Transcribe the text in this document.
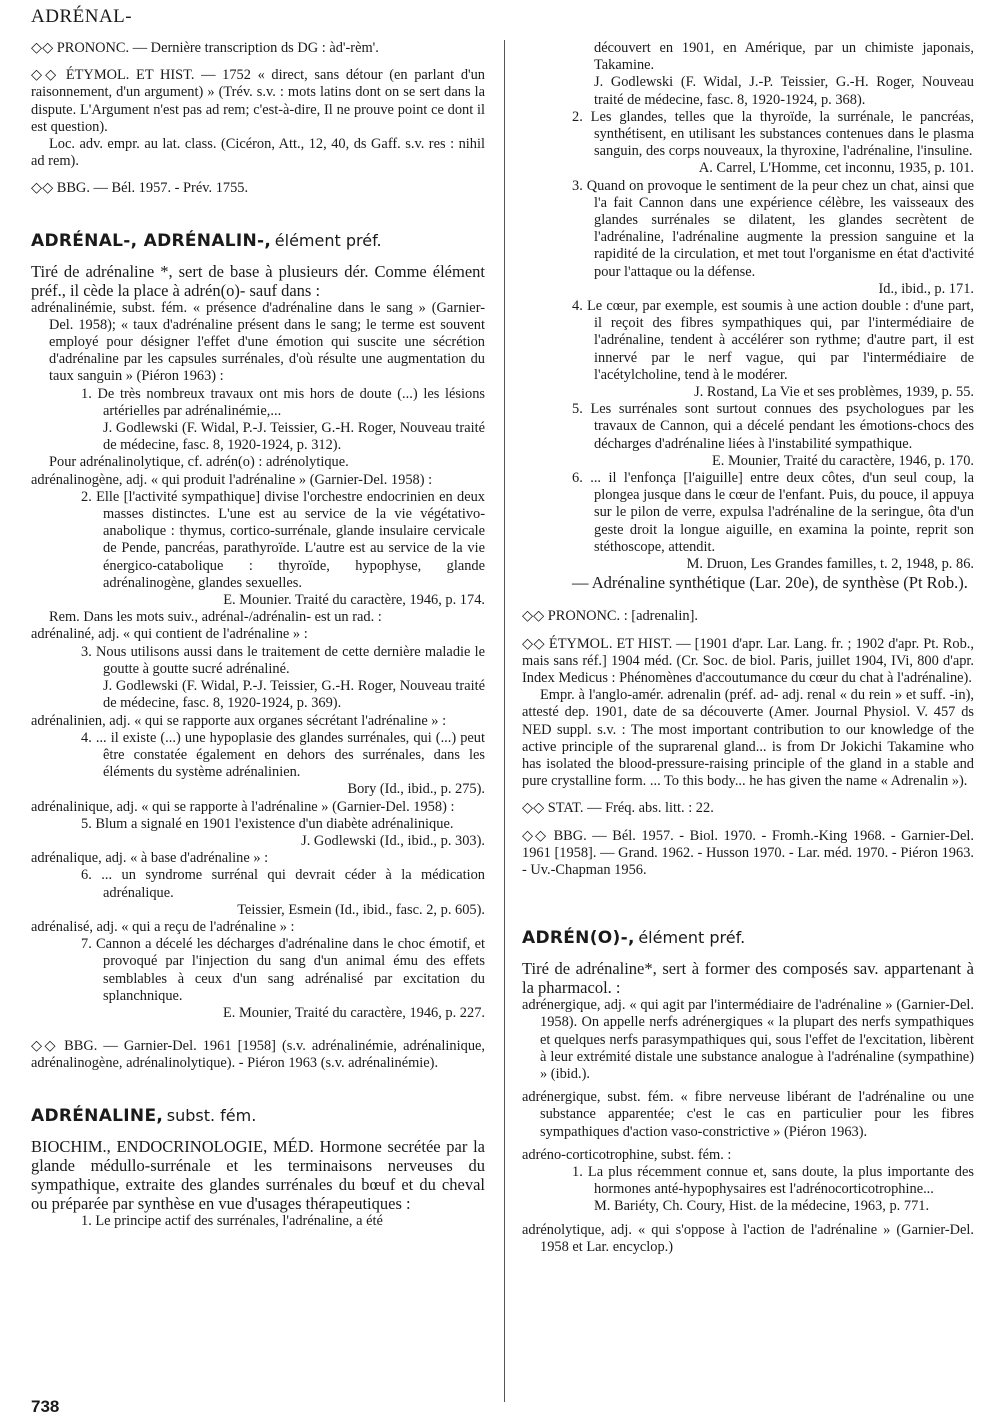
ADRÉNAL-

◇◇ PRONONC. — Dernière transcription ds DG : àd'-rèm'.

◇◇ ÉTYMOL. ET HIST. — 1752 « direct, sans détour (en parlant d'un raisonnement, d'un argument) » (Trév. s.v. : mots latins dont on se sert dans la dispute. L'Argument n'est pas ad rem; c'est-à-dire, Il ne prouve point ce dont il est question).

Loc. adv. empr. au lat. class. (Cicéron, Att., 12, 40, ds Gaff. s.v. res : nihil ad rem).

◇◇ BBG. — Bél. 1957. - Prév. 1755.

ADRÉNAL-, ADRÉNALIN-, élément préf.

Tiré de adrénaline *, sert de base à plusieurs dér. Comme élément préf., il cède la place à adrén(o)- sauf dans :

adrénalinémie, subst. fém. « présence d'adrénaline dans le sang » (Garnier-Del. 1958); « taux d'adrénaline présent dans le sang; le terme est souvent employé pour désigner l'effet d'une émotion qui suscite une sécrétion d'adrénaline par les capsules surrénales, d'où résulte une augmentation du taux sanguin » (Piéron 1963) :

1. De très nombreux travaux ont mis hors de doute (...) les lésions artérielles par adrénalinémie,...

J. Godlewski (F. Widal, P.-J. Teissier, G.-H. Roger, Nouveau traité de médecine, fasc. 8, 1920-1924, p. 312).

Pour adrénalinolytique, cf. adrén(o) : adrénolytique.

adrénalinogène, adj. « qui produit l'adrénaline » (Garnier-Del. 1958) :

2. Elle [l'activité sympathique] divise l'orchestre endocrinien en deux masses distinctes. L'une est au service de la vie végétativo-anabolique : thymus, cortico-surrénale, glande insulaire cervicale de Pende, pancréas, parathyroïde. L'autre est au service de la vie énergico-catabolique : thyroïde, hypophyse, glande adrénalinogène, glandes sexuelles.

E. Mounier. Traité du caractère, 1946, p. 174.

Rem. Dans les mots suiv., adrénal-/adrénalin- est un rad. :

adrénaliné, adj. « qui contient de l'adrénaline » :

3. Nous utilisons aussi dans le traitement de cette dernière maladie le goutte à goutte sucré adrénaliné.

J. Godlewski (F. Widal, P.-J. Teissier, G.-H. Roger, Nouveau traité de médecine, fasc. 8, 1920-1924, p. 369).

adrénalinien, adj. « qui se rapporte aux organes sécrétant l'adrénaline » :

4. ... il existe (...) une hypoplasie des glandes surrénales, qui (...) peut être constatée également en dehors des surrénales, dans les éléments du système adrénalinien.

Bory (Id., ibid., p. 275).

adrénalinique, adj. « qui se rapporte à l'adrénaline » (Garnier-Del. 1958) :

5. Blum a signalé en 1901 l'existence d'un diabète adrénalinique.

J. Godlewski (Id., ibid., p. 303).

adrénalique, adj. « à base d'adrénaline » :

6. ... un syndrome surrénal qui devrait céder à la médication adrénalique.

Teissier, Esmein (Id., ibid., fasc. 2, p. 605).

adrénalisé, adj. « qui a reçu de l'adrénaline » :

7. Cannon a décelé les décharges d'adrénaline dans le choc émotif, et provoqué par l'injection du sang d'un animal ému des effets semblables à ceux d'un sang adrénalisé par excitation du splanchnique.

E. Mounier, Traité du caractère, 1946, p. 227.

◇◇ BBG. — Garnier-Del. 1961 [1958] (s.v. adrénalinémie, adrénalinique, adrénalinogène, adrénalinolytique). - Piéron 1963 (s.v. adrénalinémie).

ADRÉNALINE, subst. fém.

BIOCHIM., ENDOCRINOLOGIE, MÉD. Hormone secrétée par la glande médullo-surrénale et les terminaisons nerveuses du sympathique, extraite des glandes surrénales du bœuf et du cheval ou préparée par synthèse en vue d'usages thérapeutiques :

1. Le principe actif des surrénales, l'adrénaline, a été

découvert en 1901, en Amérique, par un chimiste japonais, Takamine.

J. Godlewski (F. Widal, J.-P. Teissier, G.-H. Roger, Nouveau traité de médecine, fasc. 8, 1920-1924, p. 368).

2. Les glandes, telles que la thyroïde, la surrénale, le pancréas, synthétisent, en utilisant les substances contenues dans le plasma sanguin, des corps nouveaux, la thyroxine, l'adrénaline, l'insuline.

A. Carrel, L'Homme, cet inconnu, 1935, p. 101.

3. Quand on provoque le sentiment de la peur chez un chat, ainsi que l'a fait Cannon dans une expérience célèbre, les vaisseaux des glandes surrénales se dilatent, les glandes secrètent de l'adrénaline, l'adrénaline augmente la pression sanguine et la rapidité de la circulation, et met tout l'organisme en état d'activité pour l'attaque ou la défense.

Id., ibid., p. 171.

4. Le cœur, par exemple, est soumis à une action double : d'une part, il reçoit des fibres sympathiques qui, par l'intermédiaire de l'adrénaline, tendent à accélérer son rythme; d'autre part, il est innervé par le nerf vague, qui par l'intermédiaire de l'acétylcholine, tend à le modérer.

J. Rostand, La Vie et ses problèmes, 1939, p. 55.

5. Les surrénales sont surtout connues des psychologues par les travaux de Cannon, qui a décelé pendant les émotions-chocs des décharges d'adrénaline liées à l'instabilité sympathique.

E. Mounier, Traité du caractère, 1946, p. 170.

6. ... il l'enfonça [l'aiguille] entre deux côtes, d'un seul coup, la plongea jusque dans le cœur de l'enfant. Puis, du pouce, il appuya sur le pilon de verre, expulsa l'adrénaline de la seringue, ôta d'un geste droit la longue aiguille, en examina la pointe, reprit son stéthoscope, attendit.

M. Druon, Les Grandes familles, t. 2, 1948, p. 86.

— Adrénaline synthétique (Lar. 20e), de synthèse (Pt Rob.).

◇◇ PRONONC. : [adrenalin].

◇◇ ÉTYMOL. ET HIST. — [1901 d'apr. Lar. Lang. fr. ; 1902 d'apr. Pt. Rob., mais sans réf.] 1904 méd. (Cr. Soc. de biol. Paris, juillet 1904, IVi, 800 d'apr. Index Medicus : Phénomènes d'accoutumance du cœur du chat à l'adrénaline).

Empr. à l'anglo-amér. adrenalin (préf. ad- adj. renal « du rein » et suff. -in), attesté dep. 1901, date de sa découverte (Amer. Journal Physiol. V. 457 ds NED suppl. s.v. : The most important contribution to our knowledge of the active principle of the suprarenal gland... is from Dr Jokichi Takamine who has isolated the blood-pressure-raising principle of the gland in a stable and pure crystalline form. ... To this body... he has given the name « Adrenalin »).

◇◇ STAT. — Fréq. abs. litt. : 22.

◇◇ BBG. — Bél. 1957. - Biol. 1970. - Fromh.-King 1968. - Garnier-Del. 1961 [1958]. — Grand. 1962. - Husson 1970. - Lar. méd. 1970. - Piéron 1963. - Uv.-Chapman 1956.

ADRÉN(O)-, élément préf.

Tiré de adrénaline*, sert à former des composés sav. appartenant à la pharmacol. :

adrénergique, adj. « qui agit par l'intermédiaire de l'adrénaline » (Garnier-Del. 1958). On appelle nerfs adrénergiques « la plupart des nerfs sympathiques et quelques nerfs parasympathiques qui, sous l'effet de l'excitation, libèrent à leur extrémité distale une substance analogue à l'adrénaline (sympathine) » (ibid.).

adrénergique, subst. fém. « fibre nerveuse libérant de l'adrénaline ou une substance apparentée; c'est le cas en particulier pour les fibres sympathiques d'action vaso-constrictive » (Piéron 1963).

adréno-corticotrophine, subst. fém. :

1. La plus récemment connue et, sans doute, la plus importante des hormones anté-hypophysaires est l'adrénocorticotrophine...

M. Bariéty, Ch. Coury, Hist. de la médecine, 1963, p. 771.

adrénolytique, adj. « qui s'oppose à l'action de l'adrénaline » (Garnier-Del. 1958 et Lar. encyclop.)

738
